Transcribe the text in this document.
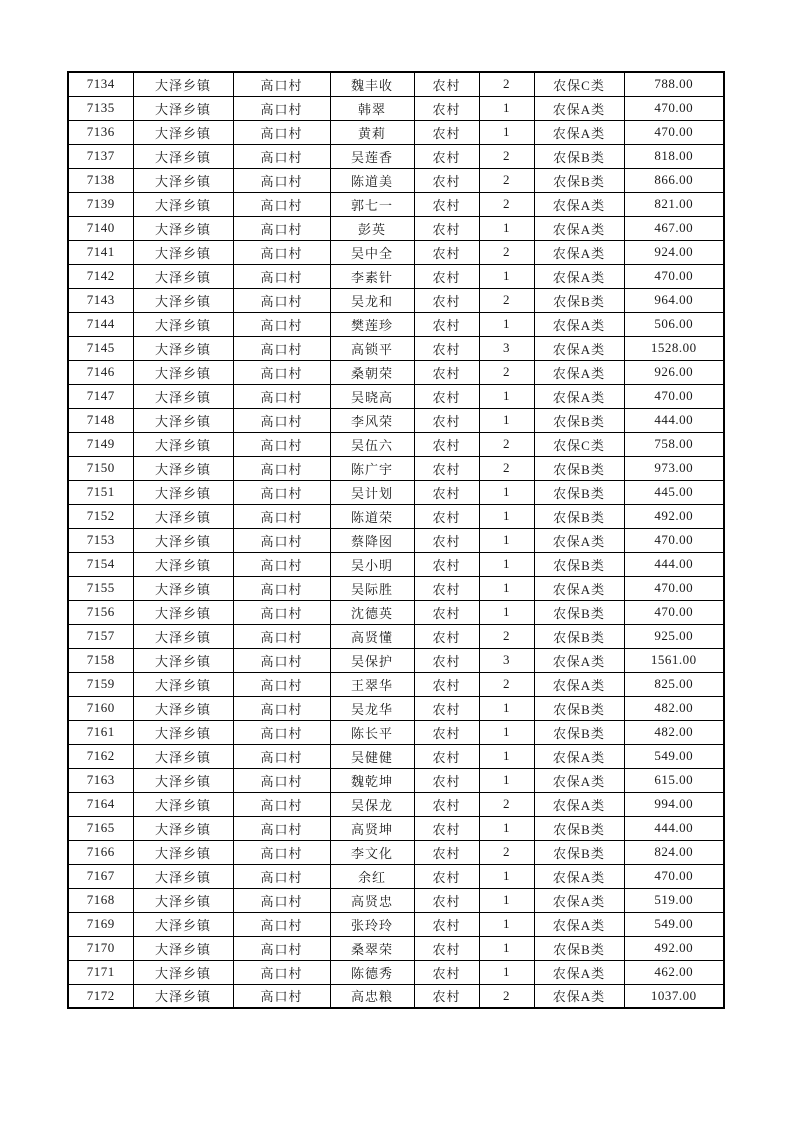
7134	大泽乡镇	高口村	魏丰收	农村	2	农保C类	788.00
7135	大泽乡镇	高口村	韩翠	农村	1	农保A类	470.00
7136	大泽乡镇	高口村	黄莉	农村	1	农保A类	470.00
7137	大泽乡镇	高口村	吴莲香	农村	2	农保B类	818.00
7138	大泽乡镇	高口村	陈道美	农村	2	农保B类	866.00
7139	大泽乡镇	高口村	郭七一	农村	2	农保A类	821.00
7140	大泽乡镇	高口村	彭英	农村	1	农保A类	467.00
7141	大泽乡镇	高口村	吴中全	农村	2	农保A类	924.00
7142	大泽乡镇	高口村	李素针	农村	1	农保A类	470.00
7143	大泽乡镇	高口村	吴龙和	农村	2	农保B类	964.00
7144	大泽乡镇	高口村	樊莲珍	农村	1	农保A类	506.00
7145	大泽乡镇	高口村	高锁平	农村	3	农保A类	1528.00
7146	大泽乡镇	高口村	桑朝荣	农村	2	农保A类	926.00
7147	大泽乡镇	高口村	吴晓高	农村	1	农保A类	470.00
7148	大泽乡镇	高口村	李风荣	农村	1	农保B类	444.00
7149	大泽乡镇	高口村	吴伍六	农村	2	农保C类	758.00
7150	大泽乡镇	高口村	陈广宇	农村	2	农保B类	973.00
7151	大泽乡镇	高口村	吴计划	农村	1	农保B类	445.00
7152	大泽乡镇	高口村	陈道荣	农村	1	农保B类	492.00
7153	大泽乡镇	高口村	蔡降囡	农村	1	农保A类	470.00
7154	大泽乡镇	高口村	吴小明	农村	1	农保B类	444.00
7155	大泽乡镇	高口村	吴际胜	农村	1	农保A类	470.00
7156	大泽乡镇	高口村	沈德英	农村	1	农保B类	470.00
7157	大泽乡镇	高口村	高贤懂	农村	2	农保B类	925.00
7158	大泽乡镇	高口村	吴保护	农村	3	农保A类	1561.00
7159	大泽乡镇	高口村	王翠华	农村	2	农保A类	825.00
7160	大泽乡镇	高口村	吴龙华	农村	1	农保B类	482.00
7161	大泽乡镇	高口村	陈长平	农村	1	农保B类	482.00
7162	大泽乡镇	高口村	吴健健	农村	1	农保A类	549.00
7163	大泽乡镇	高口村	魏乾坤	农村	1	农保A类	615.00
7164	大泽乡镇	高口村	吴保龙	农村	2	农保A类	994.00
7165	大泽乡镇	高口村	高贤坤	农村	1	农保B类	444.00
7166	大泽乡镇	高口村	李文化	农村	2	农保B类	824.00
7167	大泽乡镇	高口村	余红	农村	1	农保A类	470.00
7168	大泽乡镇	高口村	高贤忠	农村	1	农保A类	519.00
7169	大泽乡镇	高口村	张玲玲	农村	1	农保A类	549.00
7170	大泽乡镇	高口村	桑翠荣	农村	1	农保B类	492.00
7171	大泽乡镇	高口村	陈德秀	农村	1	农保A类	462.00
7172	大泽乡镇	高口村	高忠粮	农村	2	农保A类	1037.00
